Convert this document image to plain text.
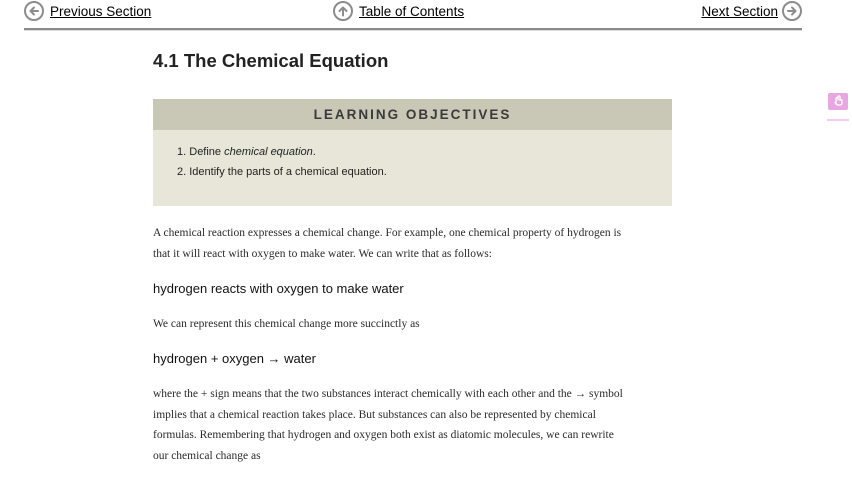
Previous Section	Table of Contents	Next Section
4.1 The Chemical Equation
LEARNING OBJECTIVES
1. Define chemical equation.
2. Identify the parts of a chemical equation.

A chemical reaction expresses a chemical change. For example, one chemical property of hydrogen is
that it will react with oxygen to make water. We can write that as follows:

hydrogen reacts with oxygen to make water

We can represent this chemical change more succinctly as

hydrogen + oxygen → water

where the + sign means that the two substances interact chemically with each other and the → symbol
implies that a chemical reaction takes place. But substances can also be represented by chemical
formulas. Remembering that hydrogen and oxygen both exist as diatomic molecules, we can rewrite
our chemical change as
